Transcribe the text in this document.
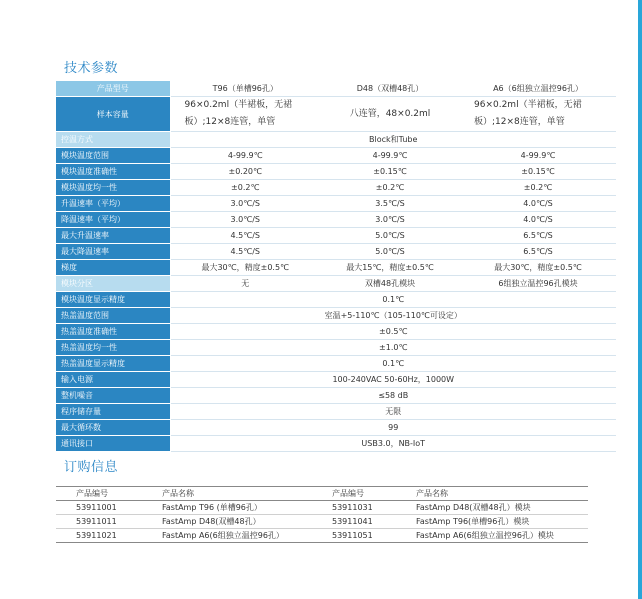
技术参数
产品型号	T96（单槽96孔）	D48（双槽48孔）	A6（6组独立温控96孔）
样本容量	96×0.2ml（半裙板，无裙板）;12×8连管，单管	八连管，48×0.2ml	96×0.2ml（半裙板，无裙板）;12×8连管，单管
控温方式	Block和Tube		
模块温度范围	4-99.9℃	4-99.9℃	4-99.9℃
模块温度准确性	±0.20℃	±0.15℃	±0.15℃
模块温度均一性	±0.2℃	±0.2℃	±0.2℃
升温速率（平均）	3.0℃/S	3.5℃/S	4.0℃/S
降温速率（平均）	3.0℃/S	3.0℃/S	4.0℃/S
最大升温速率	4.5℃/S	5.0℃/S	6.5℃/S
最大降温速率	4.5℃/S	5.0℃/S	6.5℃/S
梯度	最大30℃，精度±0.5℃	最大15℃，精度±0.5℃	最大30℃，精度±0.5℃
模块分区	无	双槽48孔模块	6组独立温控96孔模块
模块温度显示精度	0.1℃		
热盖温度范围	室温+5-110℃（105-110℃可设定）		
热盖温度准确性	±0.5℃		
热盖温度均一性	±1.0℃		
热盖温度显示精度	0.1℃		
输入电源	100-240VAC 50-60Hz，1000W		
整机噪音	≤58 dB		
程序储存量	无限		
最大循环数	99		
通讯接口	USB3.0，NB-IoT		
订购信息
产品编号	产品名称	产品编号	产品名称
53911001	FastAmp T96 (单槽96孔）	53911031	FastAmp D48(双槽48孔）模块
53911011	FastAmp D48(双槽48孔）	53911041	FastAmp T96(单槽96孔）模块
53911021	FastAmp A6(6组独立温控96孔）	53911051	FastAmp A6(6组独立温控96孔）模块
